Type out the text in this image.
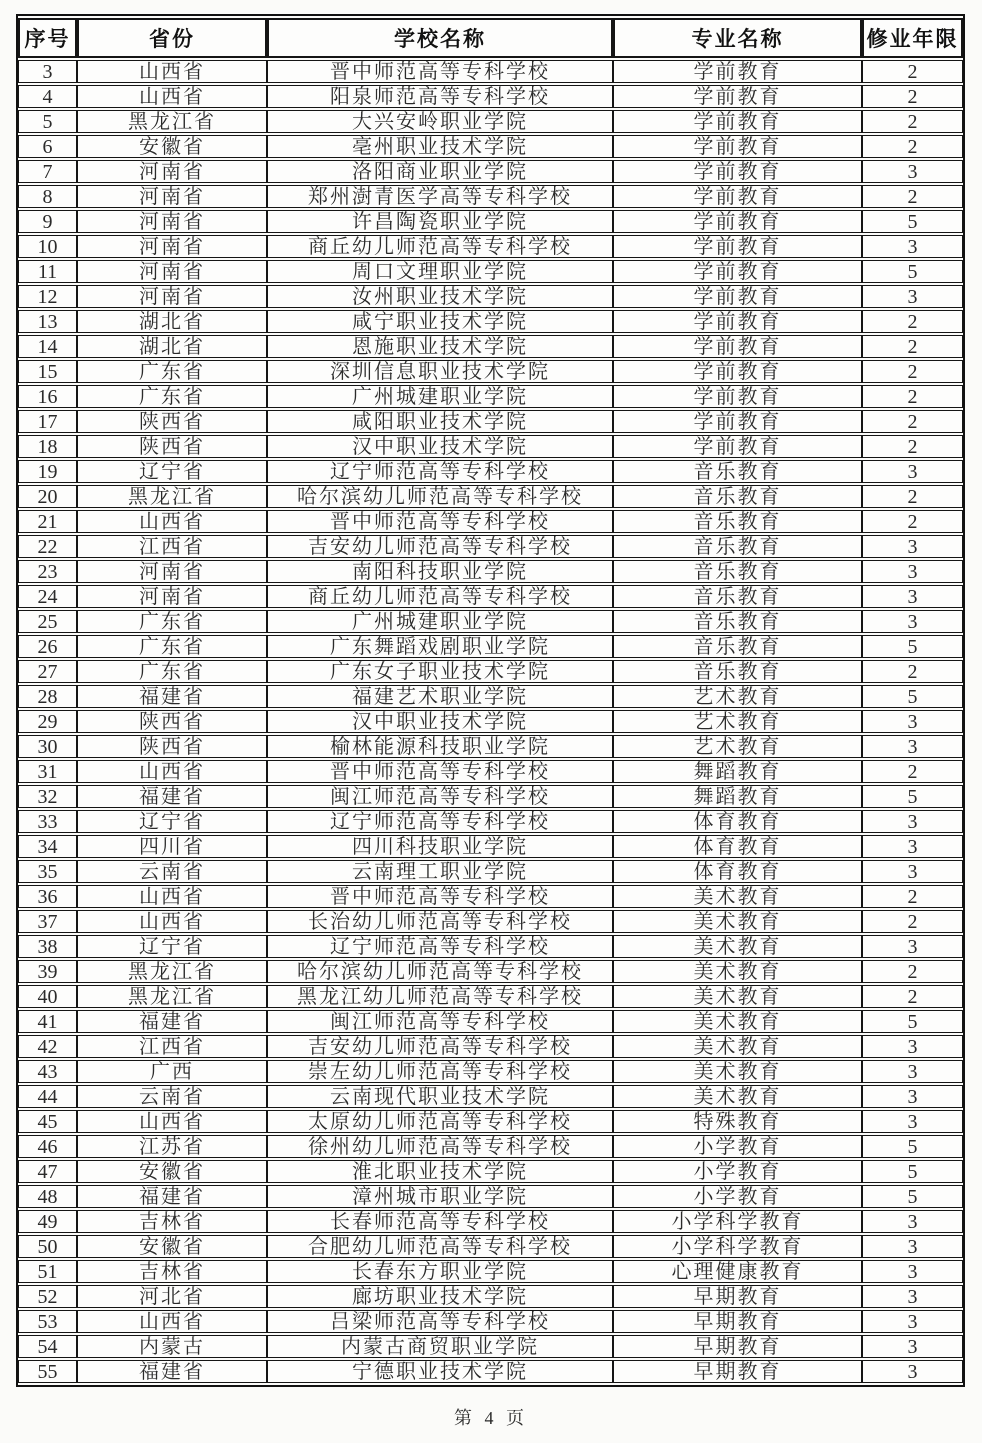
序号	省份	学校名称	专业名称	修业年限
3	山西省	晋中师范高等专科学校	学前教育	2
4	山西省	阳泉师范高等专科学校	学前教育	2
5	黑龙江省	大兴安岭职业学院	学前教育	2
6	安徽省	亳州职业技术学院	学前教育	2
7	河南省	洛阳商业职业学院	学前教育	3
8	河南省	郑州澍青医学高等专科学校	学前教育	2
9	河南省	许昌陶瓷职业学院	学前教育	5
10	河南省	商丘幼儿师范高等专科学校	学前教育	3
11	河南省	周口文理职业学院	学前教育	5
12	河南省	汝州职业技术学院	学前教育	3
13	湖北省	咸宁职业技术学院	学前教育	2
14	湖北省	恩施职业技术学院	学前教育	2
15	广东省	深圳信息职业技术学院	学前教育	2
16	广东省	广州城建职业学院	学前教育	2
17	陕西省	咸阳职业技术学院	学前教育	2
18	陕西省	汉中职业技术学院	学前教育	2
19	辽宁省	辽宁师范高等专科学校	音乐教育	3
20	黑龙江省	哈尔滨幼儿师范高等专科学校	音乐教育	2
21	山西省	晋中师范高等专科学校	音乐教育	2
22	江西省	吉安幼儿师范高等专科学校	音乐教育	3
23	河南省	南阳科技职业学院	音乐教育	3
24	河南省	商丘幼儿师范高等专科学校	音乐教育	3
25	广东省	广州城建职业学院	音乐教育	3
26	广东省	广东舞蹈戏剧职业学院	音乐教育	5
27	广东省	广东女子职业技术学院	音乐教育	2
28	福建省	福建艺术职业学院	艺术教育	5
29	陕西省	汉中职业技术学院	艺术教育	3
30	陕西省	榆林能源科技职业学院	艺术教育	3
31	山西省	晋中师范高等专科学校	舞蹈教育	2
32	福建省	闽江师范高等专科学校	舞蹈教育	5
33	辽宁省	辽宁师范高等专科学校	体育教育	3
34	四川省	四川科技职业学院	体育教育	3
35	云南省	云南理工职业学院	体育教育	3
36	山西省	晋中师范高等专科学校	美术教育	2
37	山西省	长治幼儿师范高等专科学校	美术教育	2
38	辽宁省	辽宁师范高等专科学校	美术教育	3
39	黑龙江省	哈尔滨幼儿师范高等专科学校	美术教育	2
40	黑龙江省	黑龙江幼儿师范高等专科学校	美术教育	2
41	福建省	闽江师范高等专科学校	美术教育	5
42	江西省	吉安幼儿师范高等专科学校	美术教育	3
43	广西	崇左幼儿师范高等专科学校	美术教育	3
44	云南省	云南现代职业技术学院	美术教育	3
45	山西省	太原幼儿师范高等专科学校	特殊教育	3
46	江苏省	徐州幼儿师范高等专科学校	小学教育	5
47	安徽省	淮北职业技术学院	小学教育	5
48	福建省	漳州城市职业学院	小学教育	5
49	吉林省	长春师范高等专科学校	小学科学教育	3
50	安徽省	合肥幼儿师范高等专科学校	小学科学教育	3
51	吉林省	长春东方职业学院	心理健康教育	3
52	河北省	廊坊职业技术学院	早期教育	3
53	山西省	吕梁师范高等专科学校	早期教育	3
54	内蒙古	内蒙古商贸职业学院	早期教育	3
55	福建省	宁德职业技术学院	早期教育	3
第 4 页
